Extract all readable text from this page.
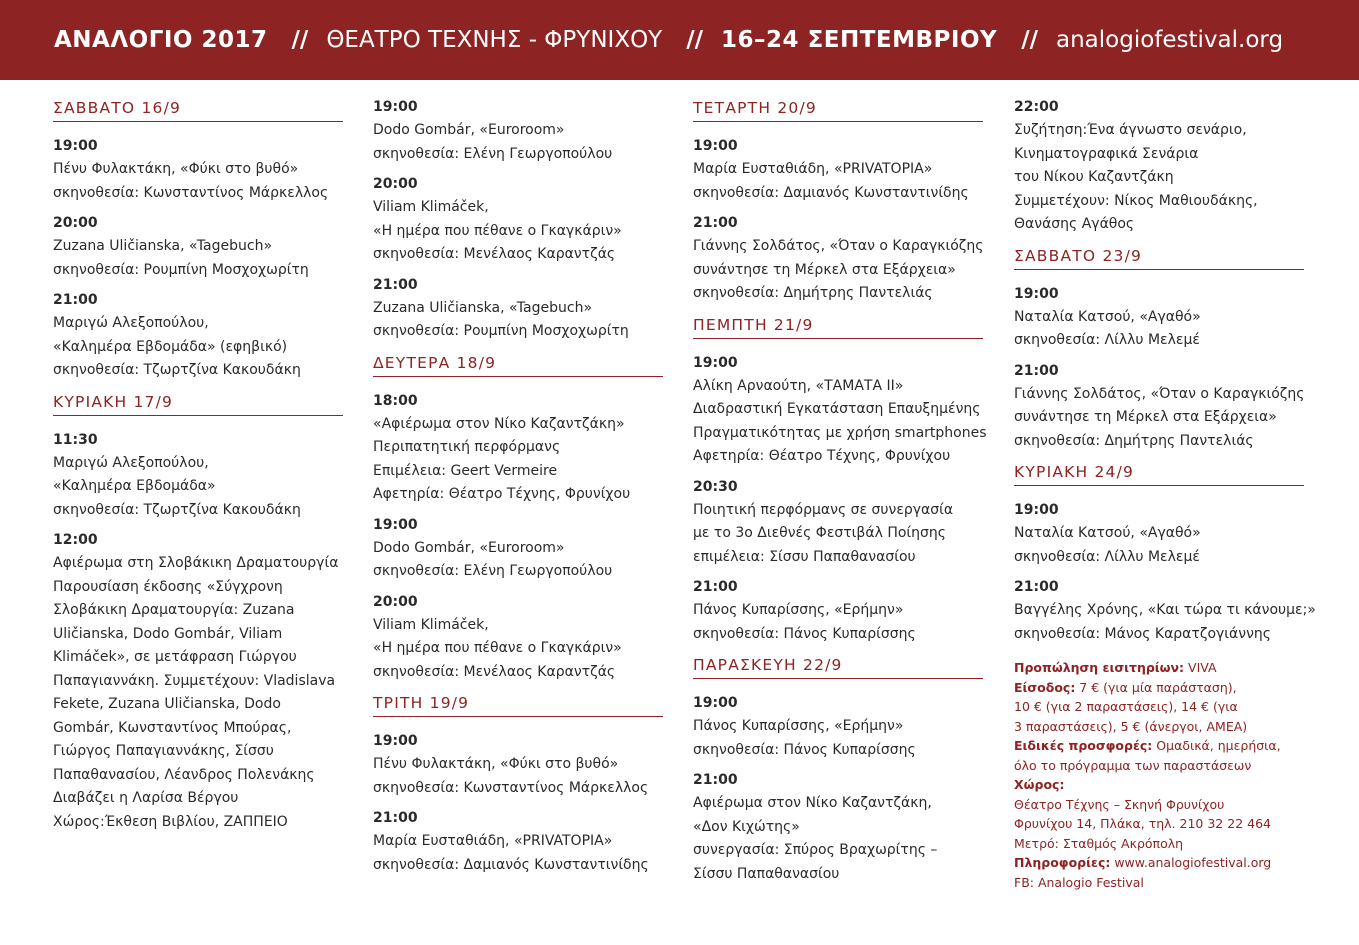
ΑΝΑΛΟΓΙΟ 2017 // ΘΕΑΤΡΟ ΤΕΧΝΗΣ - ΦΡΥΝΙΧΟΥ // 16–24 ΣΕΠΤΕΜΒΡΙΟΥ // analogiofestival.org
ΣΑΒΒΑΤΟ 16/9
19:00
Πένυ Φυλακτάκη, «Φύκι στο βυθό»
σκηνοθεσία: Κωνσταντίνος Μάρκελλος
20:00
Zuzana Uličianska, «Tagebuch»
σκηνοθεσία: Ρουμπίνη Μοσχοχωρίτη
21:00
Μαριγώ Αλεξοπούλου,
«Καλημέρα Εβδομάδα» (εφηβικό)
σκηνοθεσία: Τζωρτζίνα Κακουδάκη
ΚΥΡΙΑΚΗ 17/9
11:30
Μαριγώ Αλεξοπούλου,
«Καλημέρα Εβδομάδα»
σκηνοθεσία: Τζωρτζίνα Κακουδάκη
12:00
Αφιέρωμα στη Σλοβάκικη Δραματουργία
Παρουσίαση έκδοσης «Σύγχρονη
Σλοβάκικη Δραματουργία: Zuzana
Uličianska, Dodo Gombár, Viliam
Klimáček», σε μετάφραση Γιώργου
Παπαγιαννάκη. Συμμετέχουν: Vladislava
Fekete, Zuzana Uličianska, Dodo
Gombár, Κωνσταντίνος Μπούρας,
Γιώργος Παπαγιαννάκης, Σίσσυ
Παπαθανασίου, Λέανδρος Πολενάκης
Διαβάζει η Λαρίσα Βέργου
Χώρος:Έκθεση Βιβλίου, ΖΑΠΠΕΙΟ
19:00
Dodo Gombár, «Euroroom»
σκηνοθεσία: Ελένη Γεωργοπούλου
20:00
Viliam Klimáček,
«Η ημέρα που πέθανε ο Γκαγκάριν»
σκηνοθεσία: Μενέλαος Καραντζάς
21:00
Zuzana Uličianska, «Tagebuch»
σκηνοθεσία: Ρουμπίνη Μοσχοχωρίτη
ΔΕΥΤΕΡΑ 18/9
18:00
«Αφιέρωμα στον Νίκο Καζαντζάκη»
Περιπατητική περφόρμανς
Επιμέλεια: Geert Vermeire
Αφετηρία: Θέατρο Τέχνης, Φρυνίχου
19:00
Dodo Gombár, «Euroroom»
σκηνοθεσία: Ελένη Γεωργοπούλου
20:00
Viliam Klimáček,
«Η ημέρα που πέθανε ο Γκαγκάριν»
σκηνοθεσία: Μενέλαος Καραντζάς
ΤΡΙΤΗ 19/9
19:00
Πένυ Φυλακτάκη, «Φύκι στο βυθό»
σκηνοθεσία: Κωνσταντίνος Μάρκελλος
21:00
Μαρία Ευσταθιάδη, «PRIVATOPIA»
σκηνοθεσία: Δαμιανός Κωνσταντινίδης
ΤΕΤΑΡΤΗ 20/9
19:00
Μαρία Ευσταθιάδη, «PRIVATOPIA»
σκηνοθεσία: Δαμιανός Κωνσταντινίδης
21:00
Γιάννης Σολδάτος, «Όταν ο Καραγκιόζης
συνάντησε τη Μέρκελ στα Εξάρχεια»
σκηνοθεσία: Δημήτρης Παντελιάς
ΠΕΜΠΤΗ 21/9
19:00
Αλίκη Αρναούτη, «ΤΑΜΑΤΑ ΙΙ»
Διαδραστική Εγκατάσταση Επαυξημένης
Πραγματικότητας με χρήση smartphones
Αφετηρία: Θέατρο Τέχνης, Φρυνίχου
20:30
Ποιητική περφόρμανς σε συνεργασία
με το 3ο Διεθνές Φεστιβάλ Ποίησης
επιμέλεια: Σίσσυ Παπαθανασίου
21:00
Πάνος Κυπαρίσσης, «Ερήμην»
σκηνοθεσία: Πάνος Κυπαρίσσης
ΠΑΡΑΣΚΕΥΗ 22/9
19:00
Πάνος Κυπαρίσσης, «Ερήμην»
σκηνοθεσία: Πάνος Κυπαρίσσης
21:00
Αφιέρωμα στον Νίκο Καζαντζάκη,
«Δον Κιχώτης»
συνεργασία: Σπύρος Βραχωρίτης –
Σίσσυ Παπαθανασίου
22:00
Συζήτηση:Ένα άγνωστο σενάριο,
Κινηματογραφικά Σενάρια
του Νίκου Καζαντζάκη
Συμμετέχουν: Νίκος Μαθιουδάκης,
Θανάσης Αγάθος
ΣΑΒΒΑΤΟ 23/9
19:00
Ναταλία Κατσού, «Αγαθό»
σκηνοθεσία: Λίλλυ Μελεμέ
21:00
Γιάννης Σολδάτος, «Όταν ο Καραγκιόζης
συνάντησε τη Μέρκελ στα Εξάρχεια»
σκηνοθεσία: Δημήτρης Παντελιάς
ΚΥΡΙΑΚΗ 24/9
19:00
Ναταλία Κατσού, «Αγαθό»
σκηνοθεσία: Λίλλυ Μελεμέ
21:00
Βαγγέλης Χρόνης, «Και τώρα τι κάνουμε;»
σκηνοθεσία: Μάνος Καρατζογιάννης
Προπώληση εισιτηρίων: VIVA
Είσοδος: 7 € (για μία παράσταση),
10 € (για 2 παραστάσεις), 14 € (για
3 παραστάσεις), 5 € (άνεργοι, ΑΜΕΑ)
Ειδικές προσφορές: Ομαδικά, ημερήσια,
όλο το πρόγραμμα των παραστάσεων
Χώρος:
Θέατρο Τέχνης – Σκηνή Φρυνίχου
Φρυνίχου 14, Πλάκα, τηλ. 210 32 22 464
Μετρό: Σταθμός Ακρόπολη
Πληροφορίες: www.analogiofestival.org
FB: Analogio Festival
